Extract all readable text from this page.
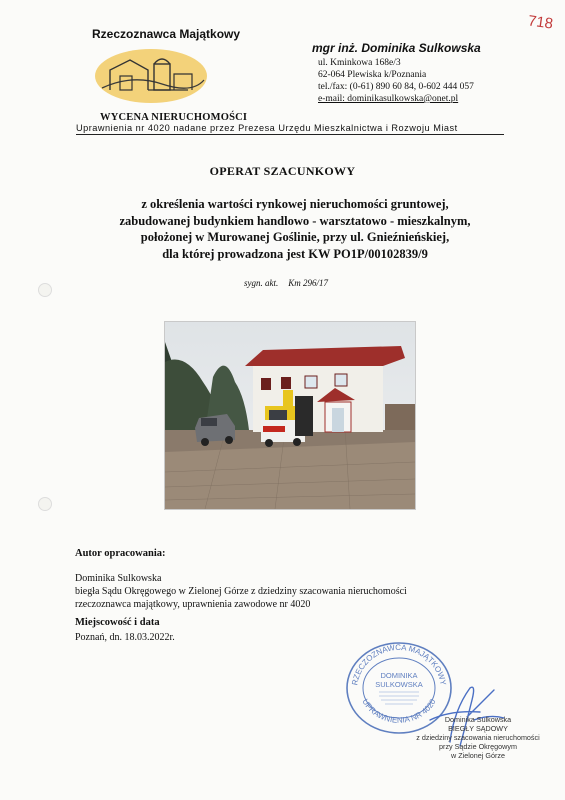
718
Rzeczoznawca Majątkowy
WYCENA NIERUCHOMOŚCI
mgr inż. Dominika Sulkowska
ul. Kminkowa 168e/3
62-064 Plewiska k/Poznania
tel./fax: (0-61) 890 60 84, 0-602 444 057
e-mail: dominikasulkowska@onet.pl
Uprawnienia nr 4020 nadane przez Prezesa Urzędu Mieszkalnictwa i Rozwoju Miast
OPERAT SZACUNKOWY
z określenia wartości rynkowej nieruchomości gruntowej,
zabudowanej budynkiem handlowo - warsztatowo - mieszkalnym,
położonej w Murowanej Goślinie, przy ul. Gnieźnieńskiej,
dla której prowadzona jest KW PO1P/00102839/9
sygn. akt. Km 296/17
Autor opracowania:
Dominika Sulkowska
biegła Sądu Okręgowego w Zielonej Górze z dziedziny szacowania nieruchomości
rzeczoznawca majątkowy, uprawnienia zawodowe nr 4020
Miejscowość i data
Poznań, dn. 18.03.2022r.
RZECZOZNAWCA MAJĄTKOWY
UPRAWNIENIA NR 4020
DOMINIKA
SULKOWSKA
Dominika Sulkowska
BIEGŁY SĄDOWY
z dziedziny szacowania nieruchomości
przy Sądzie Okręgowym
w Zielonej Górze
